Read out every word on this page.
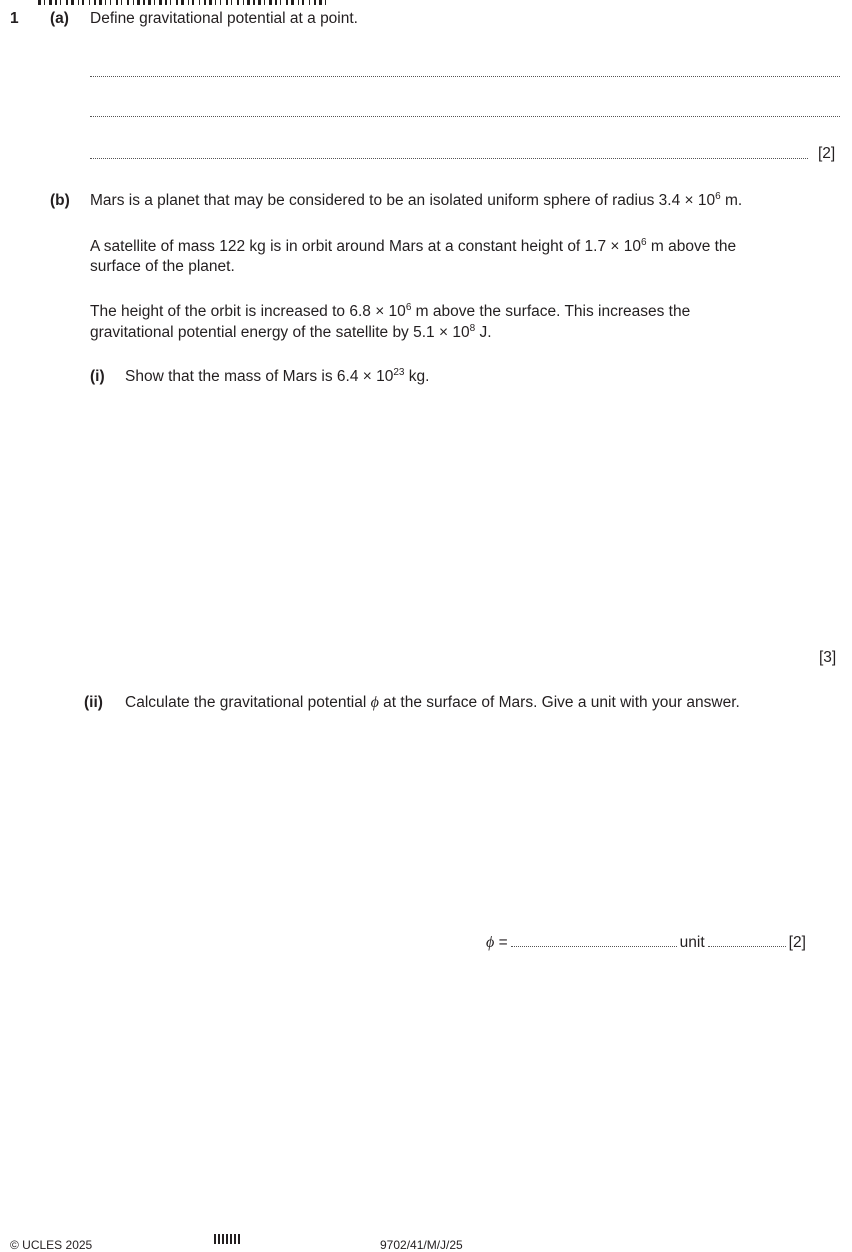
1 (a) Define gravitational potential at a point.
[2]
(b) Mars is a planet that may be considered to be an isolated uniform sphere of radius $3.4 \times 10^6$ m.
A satellite of mass 122 kg is in orbit around Mars at a constant height of $1.7 \times 10^6$ m above the
surface of the planet.
The height of the orbit is increased to $6.8 \times 10^6$ m above the surface. This increases the
gravitational potential energy of the satellite by $5.1 \times 10^8$ J.
(i) Show that the mass of Mars is $6.4 \times 10^{23}$ kg.
[3]
(ii) Calculate the gravitational potential ϕ at the surface of Mars. Give a unit with your answer.
ϕ =	unit	[2]
© UCLES 2025	9702/41/M/J/25
